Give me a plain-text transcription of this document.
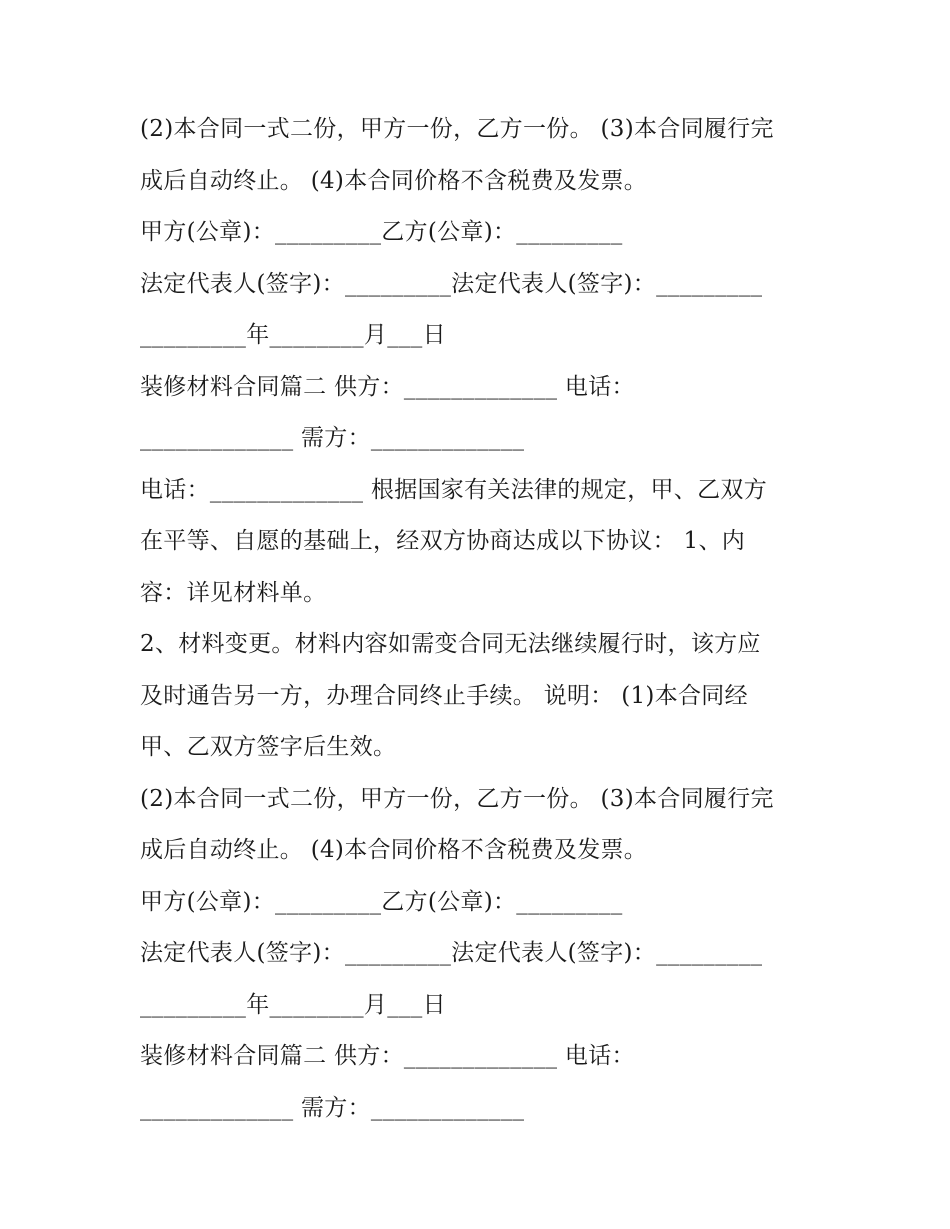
(2)本合同一式二份，甲方一份，乙方一份。 (3)本合同履行完
成后自动终止。 (4)本合同价格不含税费及发票。
甲方(公章)：_________乙方(公章)：_________
法定代表人(签字)：_________法定代表人(签字)：_________
_________年________月___日
装修材料合同篇二 供方：_____________ 电话：
_____________ 需方：_____________
电话：_____________ 根据国家有关法律的规定，甲、乙双方
在平等、自愿的基础上，经双方协商达成以下协议： 1、内
容：详见材料单。
2、材料变更。材料内容如需变合同无法继续履行时，该方应
及时通告另一方，办理合同终止手续。 说明： (1)本合同经
甲、乙双方签字后生效。
(2)本合同一式二份，甲方一份，乙方一份。 (3)本合同履行完
成后自动终止。 (4)本合同价格不含税费及发票。
甲方(公章)：_________乙方(公章)：_________
法定代表人(签字)：_________法定代表人(签字)：_________
_________年________月___日
装修材料合同篇二 供方：_____________ 电话：
_____________ 需方：_____________
